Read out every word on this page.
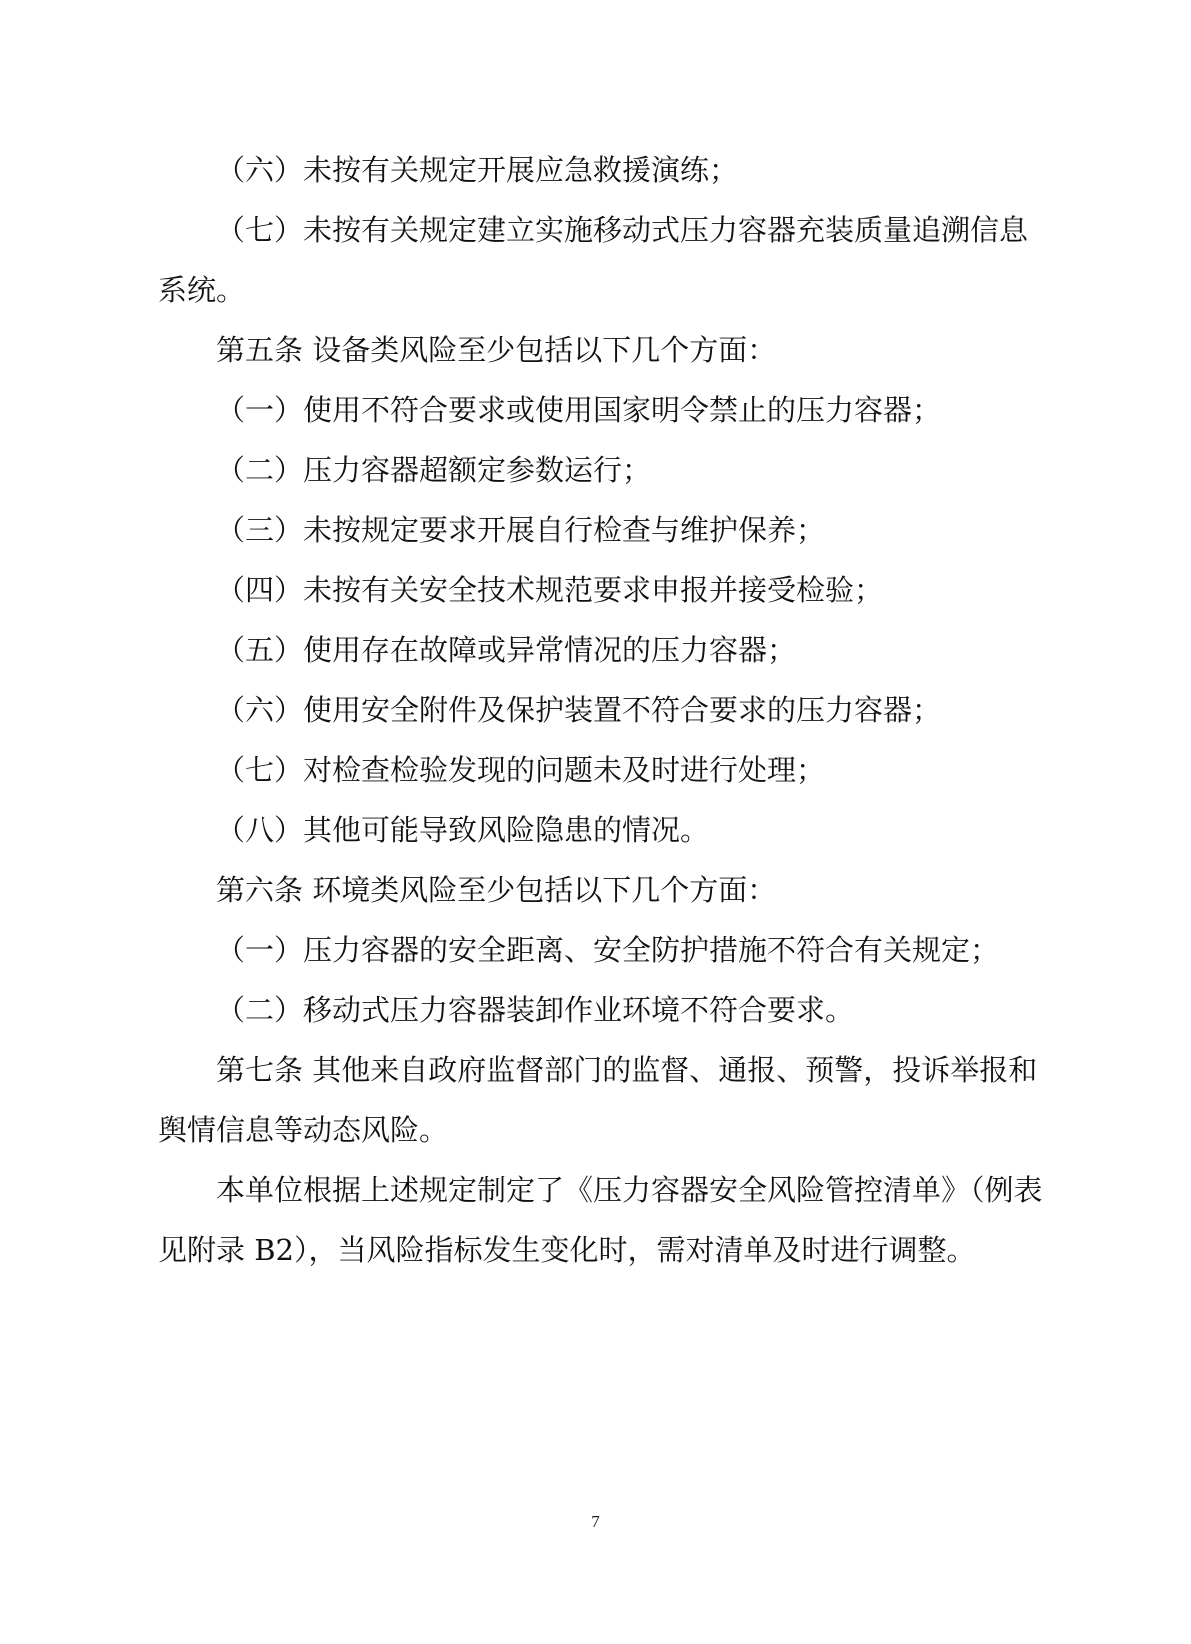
（六）未按有关规定开展应急救援演练；

（七）未按有关规定建立实施移动式压力容器充装质量追溯信息系统。

第五条 设备类风险至少包括以下几个方面：

（一）使用不符合要求或使用国家明令禁止的压力容器；

（二）压力容器超额定参数运行；

（三）未按规定要求开展自行检查与维护保养；

（四）未按有关安全技术规范要求申报并接受检验；

（五）使用存在故障或异常情况的压力容器；

（六）使用安全附件及保护装置不符合要求的压力容器；

（七）对检查检验发现的问题未及时进行处理；

（八）其他可能导致风险隐患的情况。

第六条 环境类风险至少包括以下几个方面：

（一）压力容器的安全距离、安全防护措施不符合有关规定；

（二）移动式压力容器装卸作业环境不符合要求。

第七条 其他来自政府监督部门的监督、通报、预警，投诉举报和舆情信息等动态风险。

本单位根据上述规定制定了《压力容器安全风险管控清单》（例表见附录 B2），当风险指标发生变化时，需对清单及时进行调整。

7
